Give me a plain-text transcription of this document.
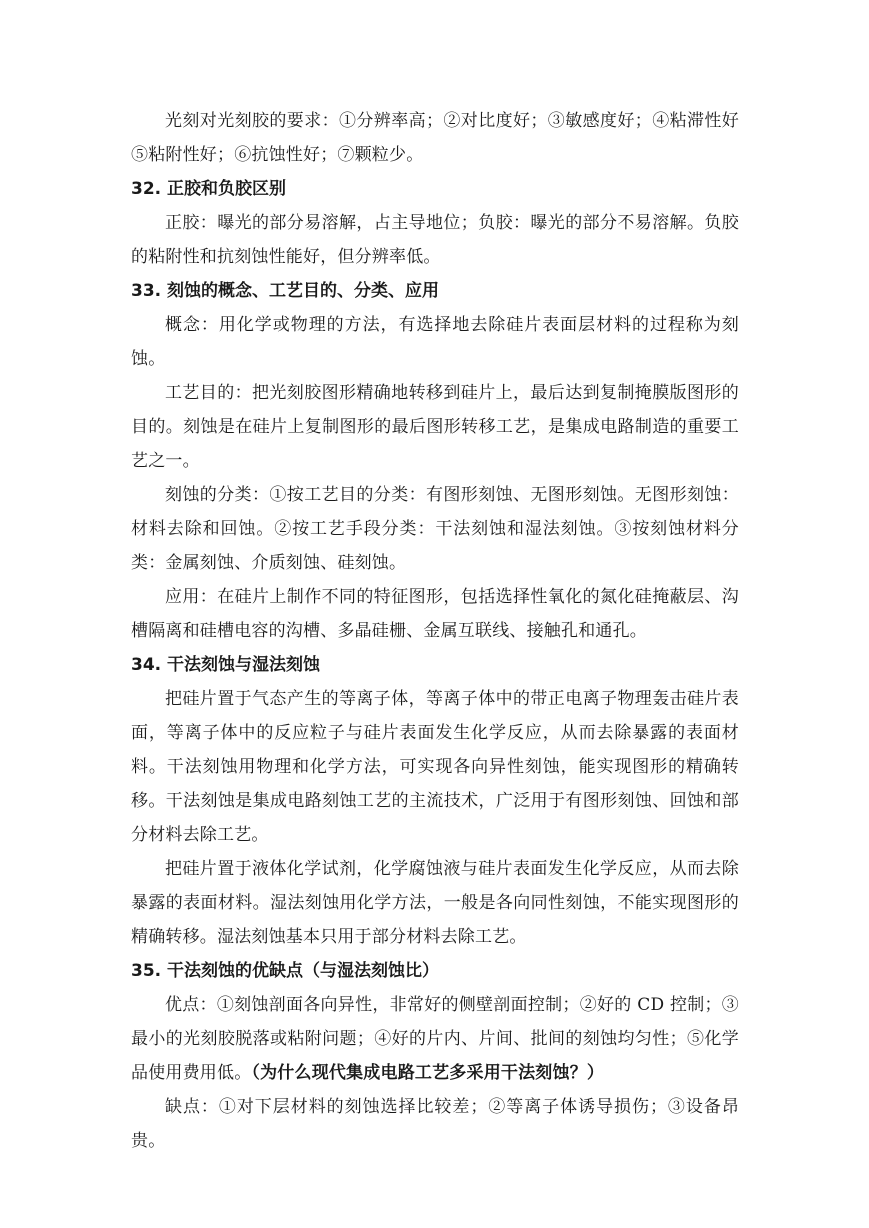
光刻对光刻胶的要求：①分辨率高；②对比度好；③敏感度好；④粘滞性好⑤粘附性好；⑥抗蚀性好；⑦颗粒少。

32. 正胶和负胶区别

正胶：曝光的部分易溶解，占主导地位；负胶：曝光的部分不易溶解。负胶的粘附性和抗刻蚀性能好，但分辨率低。

33. 刻蚀的概念、工艺目的、分类、应用

概念：用化学或物理的方法，有选择地去除硅片表面层材料的过程称为刻蚀。

工艺目的：把光刻胶图形精确地转移到硅片上，最后达到复制掩膜版图形的目的。刻蚀是在硅片上复制图形的最后图形转移工艺，是集成电路制造的重要工艺之一。

刻蚀的分类：①按工艺目的分类：有图形刻蚀、无图形刻蚀。无图形刻蚀：材料去除和回蚀。②按工艺手段分类：干法刻蚀和湿法刻蚀。③按刻蚀材料分类：金属刻蚀、介质刻蚀、硅刻蚀。

应用：在硅片上制作不同的特征图形，包括选择性氧化的氮化硅掩蔽层、沟槽隔离和硅槽电容的沟槽、多晶硅栅、金属互联线、接触孔和通孔。

34. 干法刻蚀与湿法刻蚀

把硅片置于气态产生的等离子体，等离子体中的带正电离子物理轰击硅片表面，等离子体中的反应粒子与硅片表面发生化学反应，从而去除暴露的表面材料。干法刻蚀用物理和化学方法，可实现各向异性刻蚀，能实现图形的精确转移。干法刻蚀是集成电路刻蚀工艺的主流技术，广泛用于有图形刻蚀、回蚀和部分材料去除工艺。

把硅片置于液体化学试剂，化学腐蚀液与硅片表面发生化学反应，从而去除暴露的表面材料。湿法刻蚀用化学方法，一般是各向同性刻蚀，不能实现图形的精确转移。湿法刻蚀基本只用于部分材料去除工艺。

35. 干法刻蚀的优缺点（与湿法刻蚀比）

优点：①刻蚀剖面各向异性，非常好的侧壁剖面控制；②好的 CD 控制；③最小的光刻胶脱落或粘附问题；④好的片内、片间、批间的刻蚀均匀性；⑤化学品使用费用低。（为什么现代集成电路工艺多采用干法刻蚀？）

缺点：①对下层材料的刻蚀选择比较差；②等离子体诱导损伤；③设备昂贵。
